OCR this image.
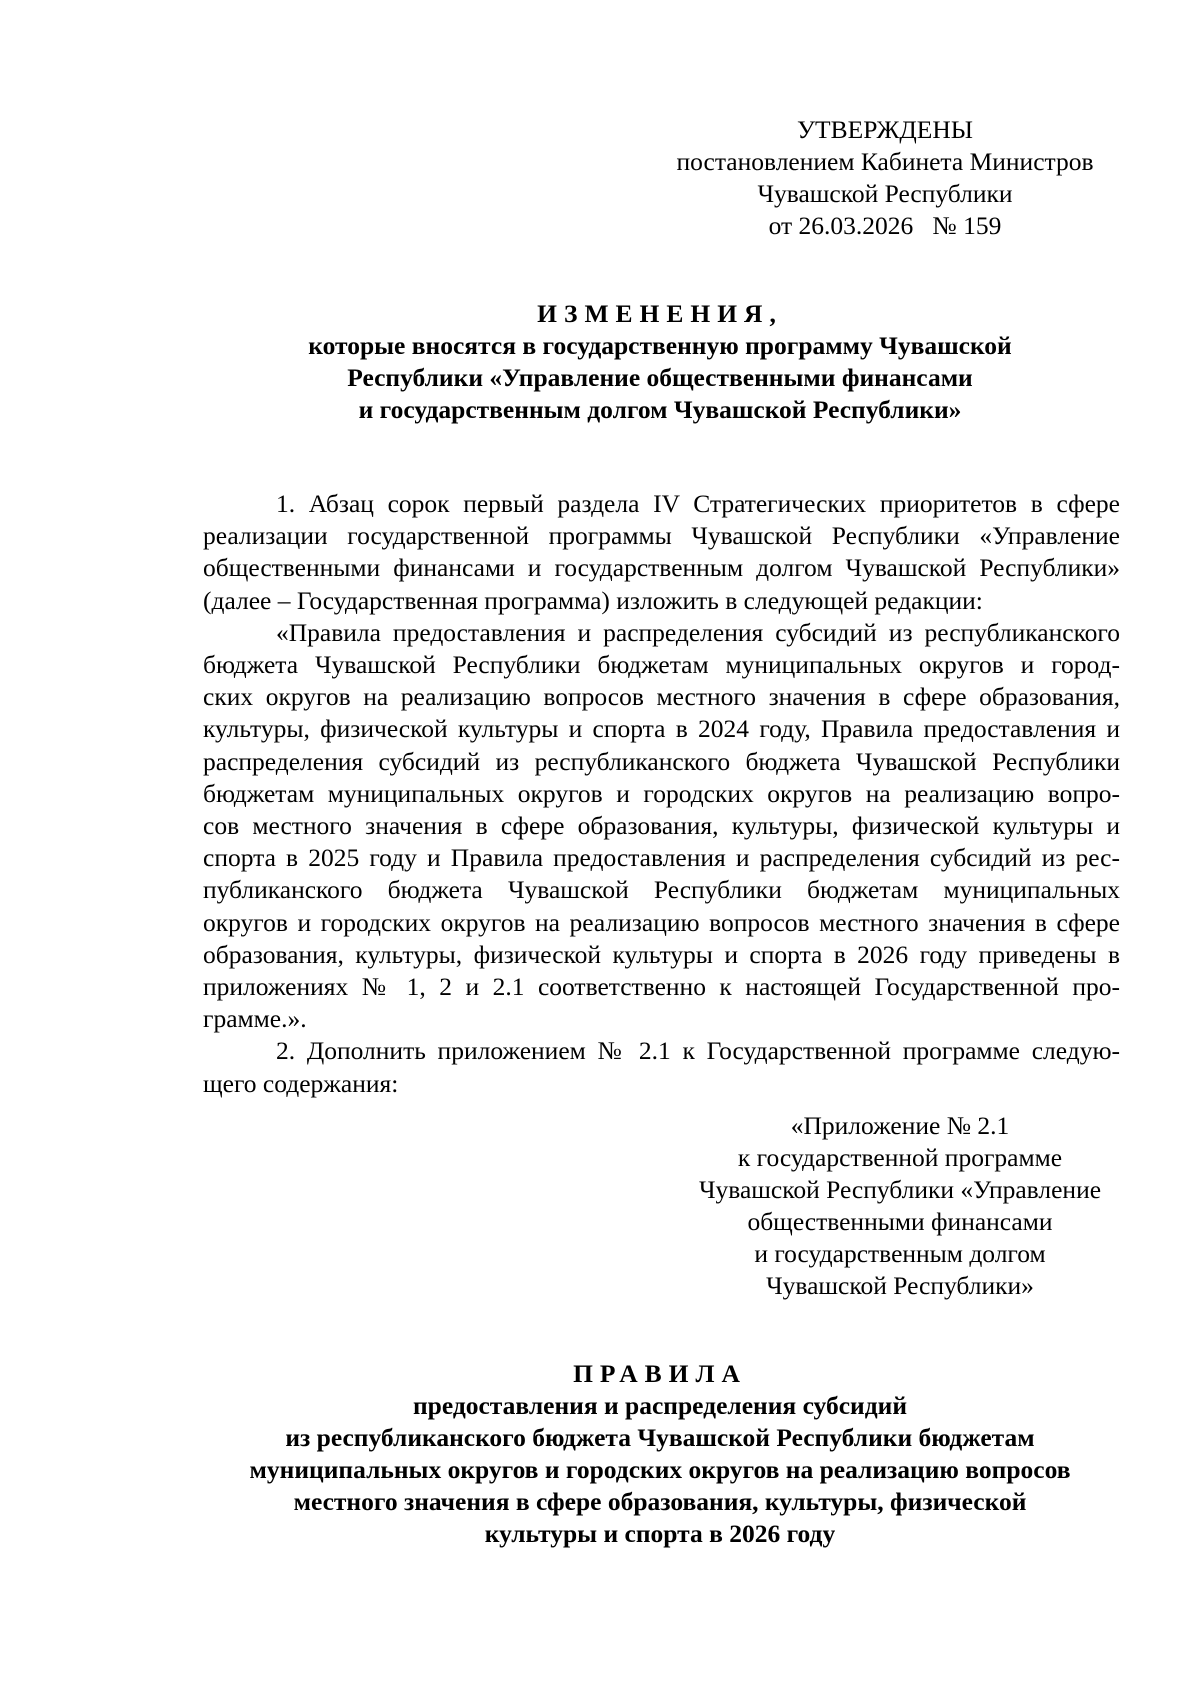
УТВЕРЖДЕНЫ
постановлением Кабинета Министров
Чувашской Республики
от 26.03.2026   № 159
ИЗМЕНЕНИЯ,
которые вносятся в государственную программу Чувашской
Республики «Управление общественными финансами
и государственным долгом Чувашской Республики»
1. Абзац сорок первый раздела IV Стратегических приоритетов в сфере
реализации государственной программы Чувашской Республики «Управление
общественными финансами и государственным долгом Чувашской Республики»
(далее – Государственная программа) изложить в следующей редакции:
«Правила предоставления и распределения субсидий из республиканского
бюджета Чувашской Республики бюджетам муниципальных округов и город-
ских округов на реализацию вопросов местного значения в сфере образования,
культуры, физической культуры и спорта в 2024 году, Правила предоставления и
распределения субсидий из республиканского бюджета Чувашской Республики
бюджетам муниципальных округов и городских округов на реализацию вопро-
сов местного значения в сфере образования, культуры, физической культуры и
спорта в 2025 году и Правила предоставления и распределения субсидий из рес-
публиканского бюджета Чувашской Республики бюджетам муниципальных
округов и городских округов на реализацию вопросов местного значения в сфере
образования, культуры, физической культуры и спорта в 2026 году приведены в
приложениях № 1, 2 и 2.1 соответственно к настоящей Государственной про-
грамме.».
2. Дополнить приложением № 2.1 к Государственной программе следую-
щего содержания:
«Приложение № 2.1
к государственной программе
Чувашской Республики «Управление
общественными финансами
и государственным долгом
Чувашской Республики»
ПРАВИЛА
предоставления и распределения субсидий
из республиканского бюджета Чувашской Республики бюджетам
муниципальных округов и городских округов на реализацию вопросов
местного значения в сфере образования, культуры, физической
культуры и спорта в 2026 году
